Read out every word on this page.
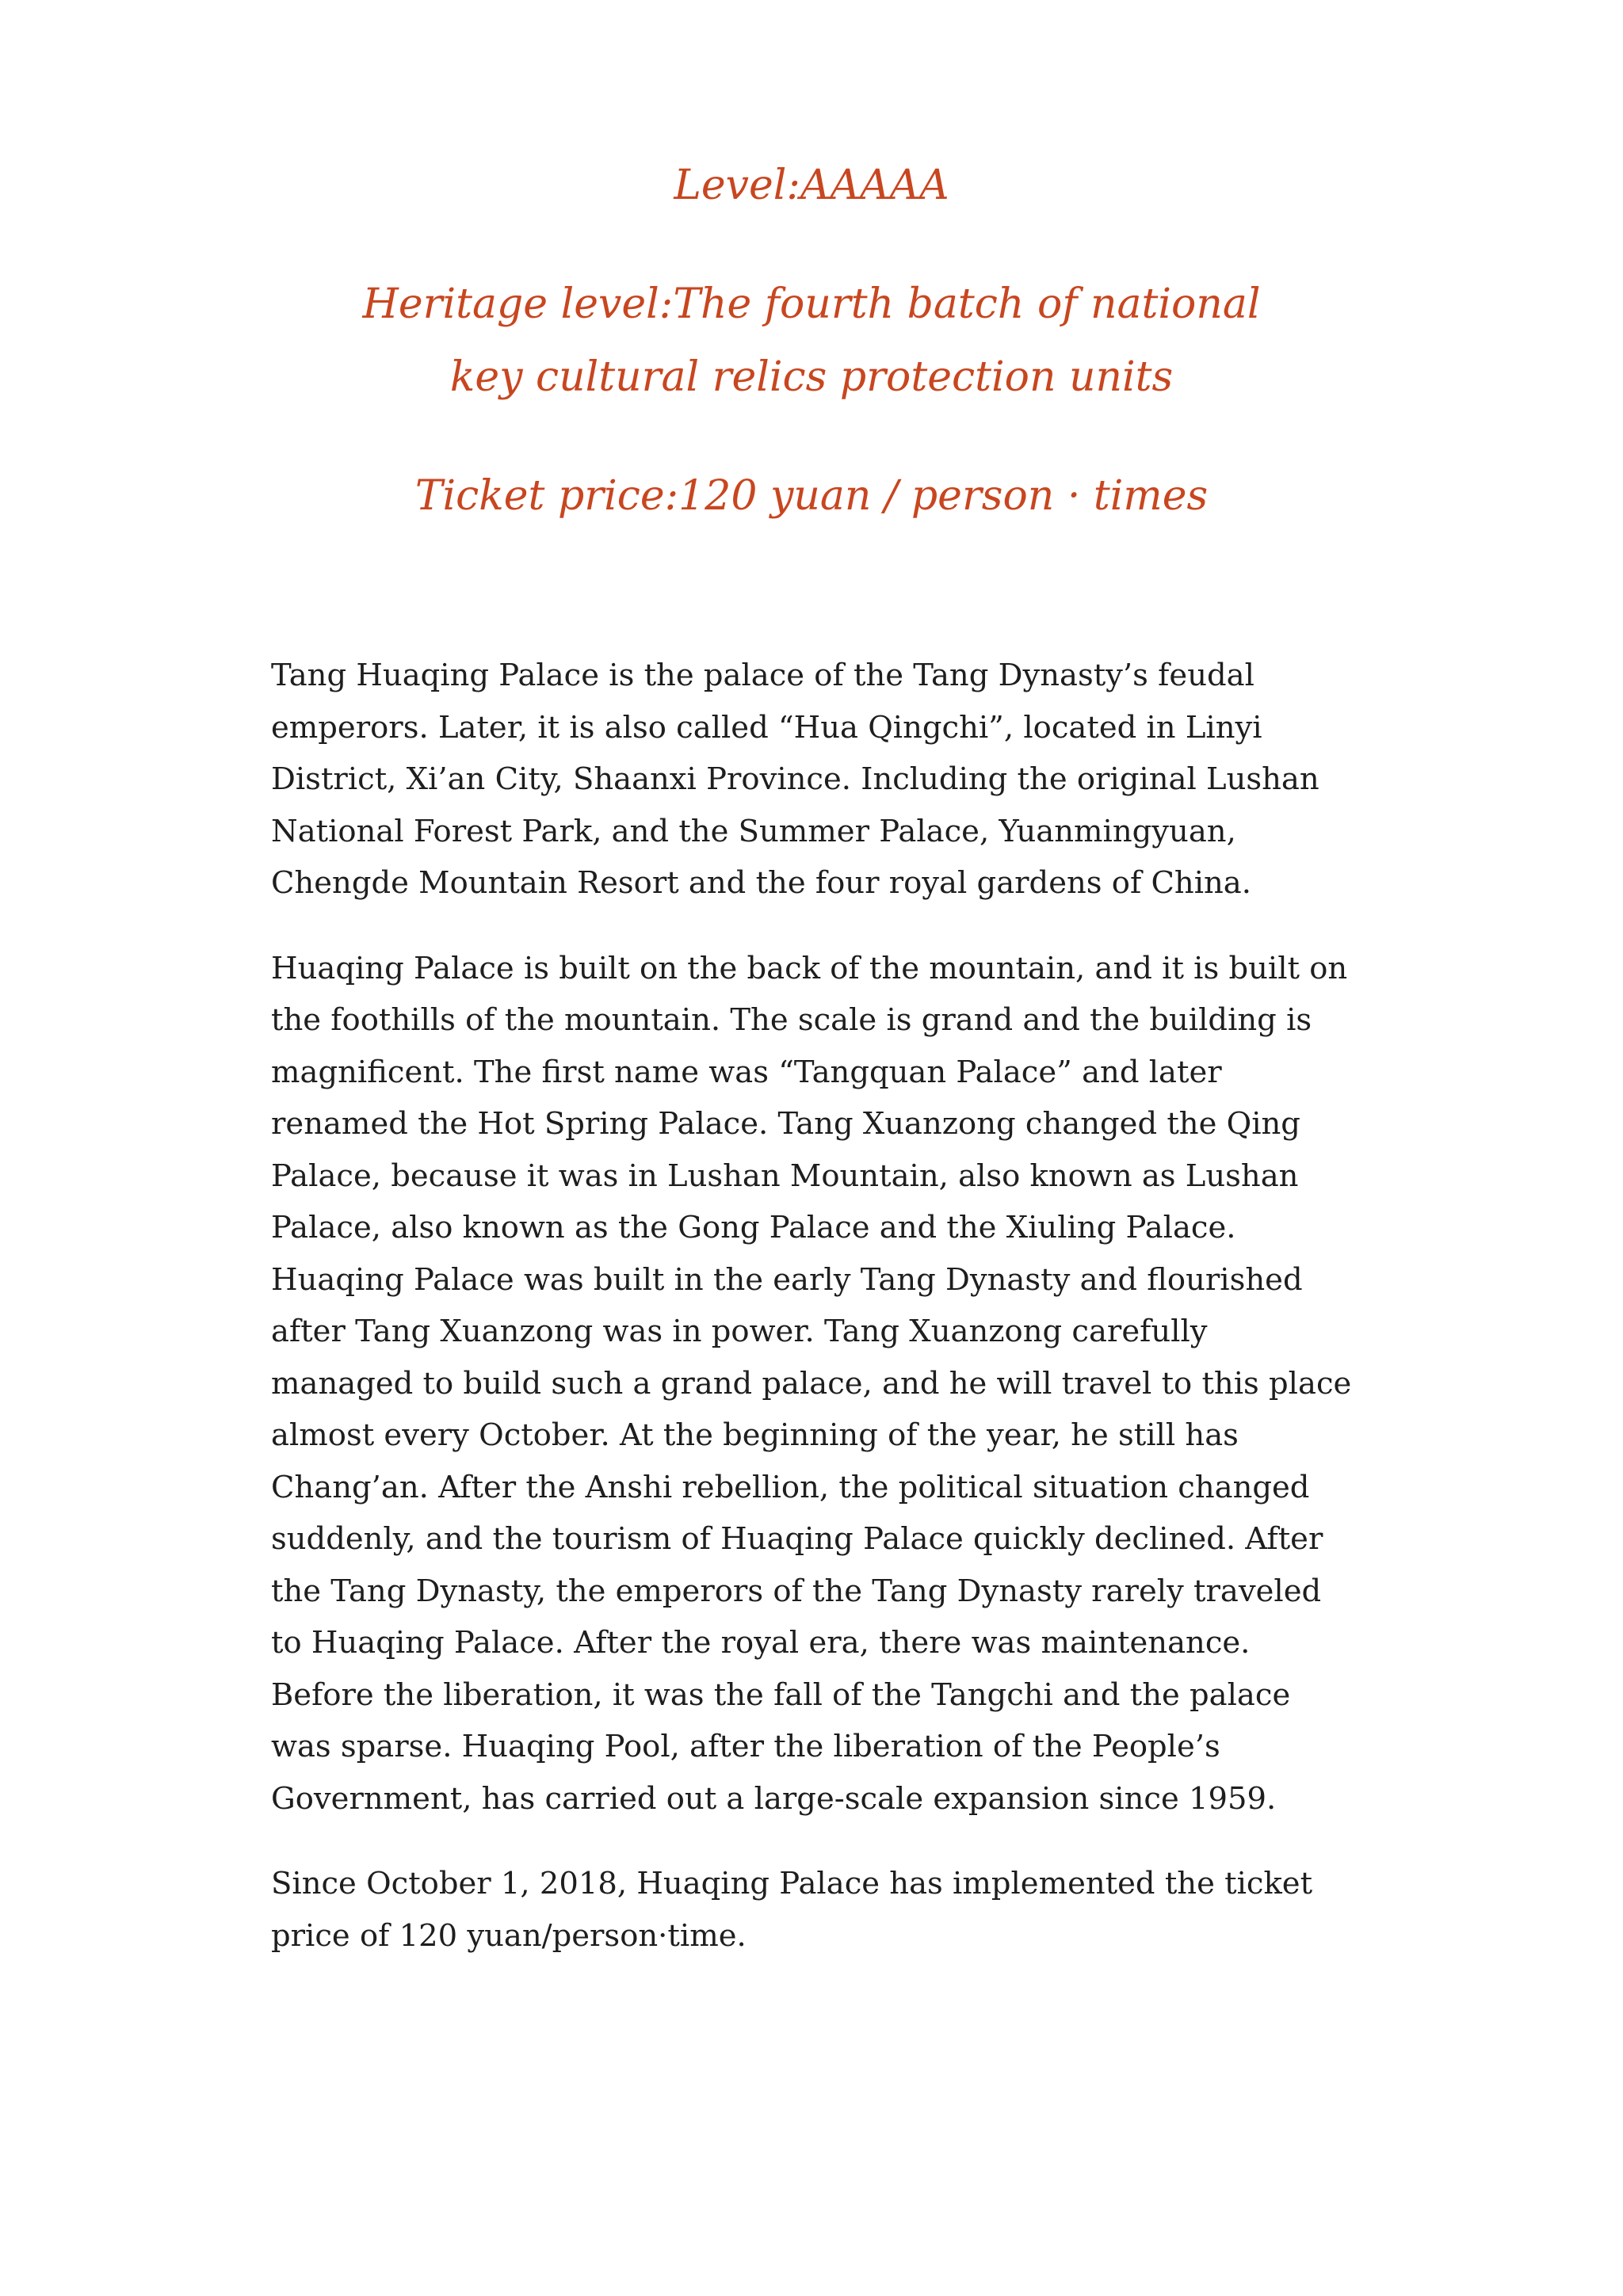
Level:AAAAA
Heritage level:The fourth batch of national key cultural relics protection units
Ticket price:120 yuan / person · times

Tang Huaqing Palace is the palace of the Tang Dynasty’s feudal emperors. Later, it is also called “Hua Qingchi”, located in Linyi District, Xi’an City, Shaanxi Province. Including the original Lushan National Forest Park, and the Summer Palace, Yuanmingyuan, Chengde Mountain Resort and the four royal gardens of China.

Huaqing Palace is built on the back of the mountain, and it is built on the foothills of the mountain. The scale is grand and the building is magnificent. The first name was “Tangquan Palace” and later renamed the Hot Spring Palace. Tang Xuanzong changed the Qing Palace, because it was in Lushan Mountain, also known as Lushan Palace, also known as the Gong Palace and the Xiuling Palace. Huaqing Palace was built in the early Tang Dynasty and flourished after Tang Xuanzong was in power. Tang Xuanzong carefully managed to build such a grand palace, and he will travel to this place almost every October. At the beginning of the year, he still has Chang’an. After the Anshi rebellion, the political situation changed suddenly, and the tourism of Huaqing Palace quickly declined. After the Tang Dynasty, the emperors of the Tang Dynasty rarely traveled to Huaqing Palace. After the royal era, there was maintenance. Before the liberation, it was the fall of the Tangchi and the palace was sparse. Huaqing Pool, after the liberation of the People’s Government, has carried out a large-scale expansion since 1959.

Since October 1, 2018, Huaqing Palace has implemented the ticket price of 120 yuan/person·time.
